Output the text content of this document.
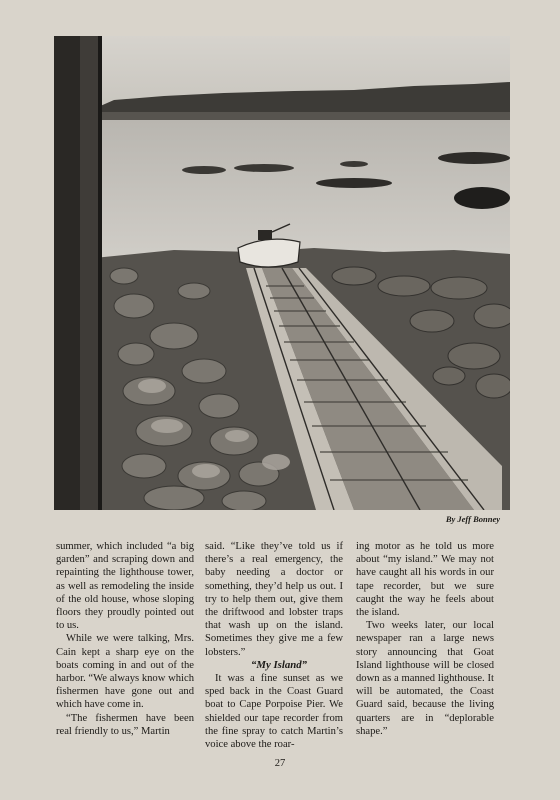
By Jeff Bonney

summer, which included “a big garden” and scraping down and repainting the lighthouse tower, as well as remodeling the inside of the old house, whose sloping floors they proudly pointed out to us.

While we were talking, Mrs. Cain kept a sharp eye on the boats coming in and out of the harbor. “We always know which fishermen have gone out and which have come in.

“The fishermen have been real friendly to us,” Martin

said. “Like they’ve told us if there’s a real emergency, the baby needing a doctor or something, they’d help us out. I try to help them out, give them the driftwood and lobster traps that wash up on the island. Sometimes they give me a few lobsters.”

“My Island”

It was a fine sunset as we sped back in the Coast Guard boat to Cape Porpoise Pier. We shielded our tape recorder from the fine spray to catch Martin’s voice above the roar-

ing motor as he told us more about “my island.” We may not have caught all his words in our tape recorder, but we sure caught the way he feels about the island.

Two weeks later, our local newspaper ran a large news story announcing that Goat Island lighthouse will be closed down as a manned lighthouse. It will be automated, the Coast Guard said, because the living quarters are in “deplorable shape.”

27
